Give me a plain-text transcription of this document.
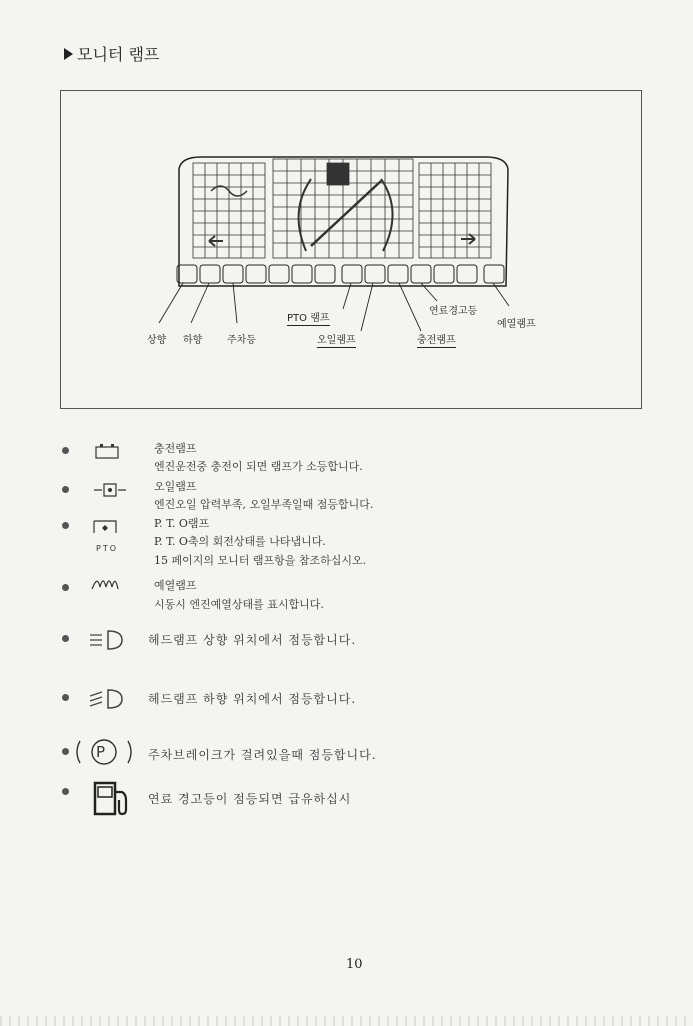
모니터 램프
상향 하향 주차등
PTO 램프
오일램프
연료경고등
충전램프
예열램프
충전램프
엔진운전중 충전이 되면 램프가 소등합니다.
오일램프
엔진오일 압력부족, 오일부족일때 점등합니다.
PTO
P. T. O램프
P. T. O축의 회전상태를 나타냅니다.
15 페이지의 모니터 램프항을 참조하십시오.
예열램프
시동시 엔진예열상태를 표시합니다.
헤드램프 상향 위치에서 점등합니다.
헤드램프 하향 위치에서 점등합니다.
P	주차브레이크가 걸려있을때 점등합니다.
연료 경고등이 점등되면 급유하십시
10
